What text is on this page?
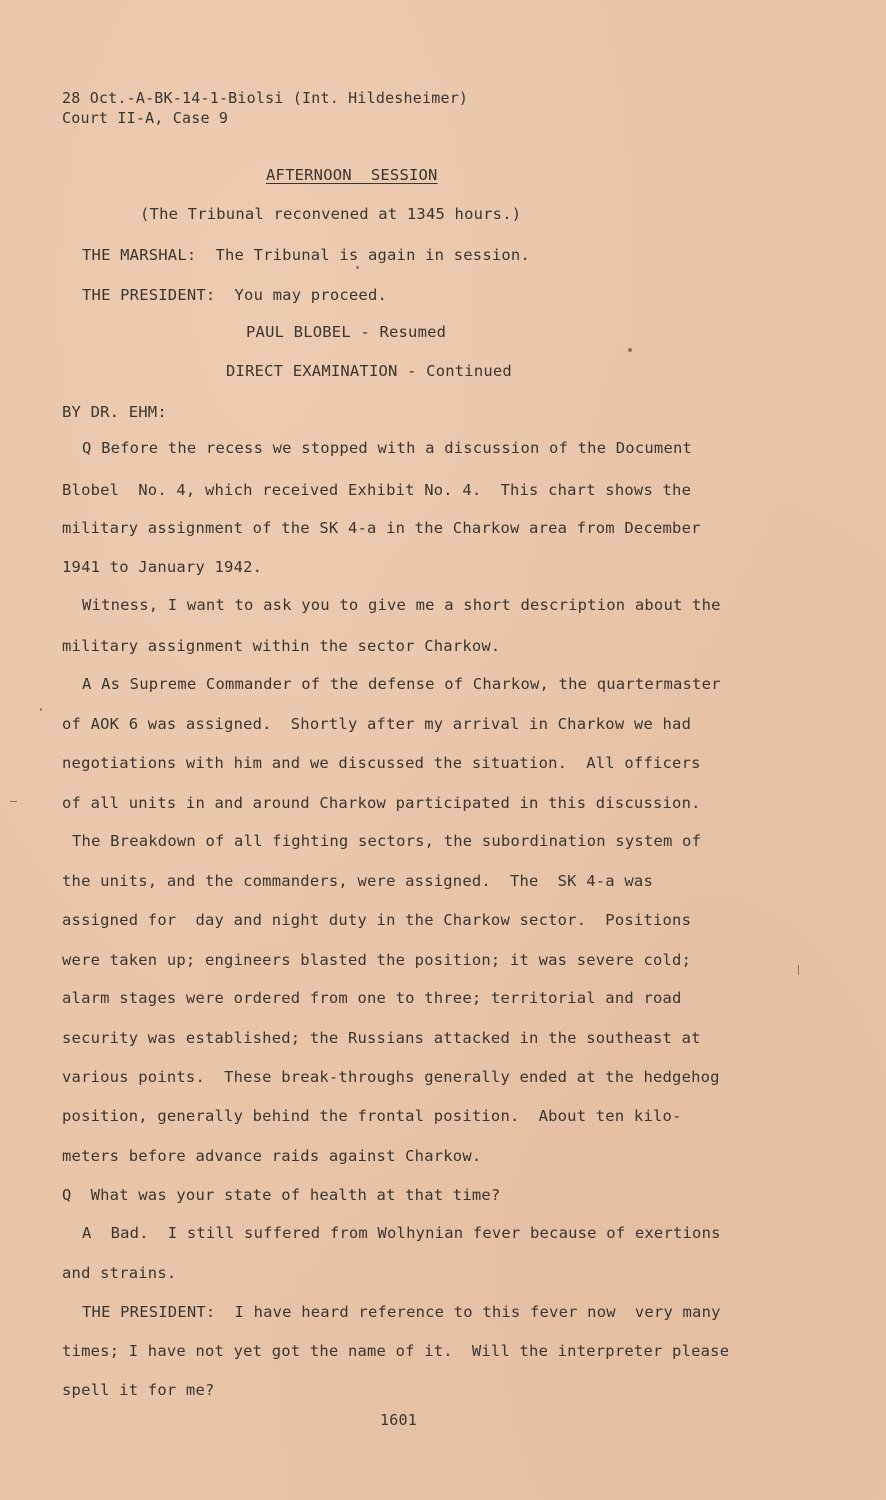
28 Oct.-A-BK-14-1-Biolsi (Int. Hildesheimer)
Court II-A, Case 9
AFTERNOON  SESSION
(The Tribunal reconvened at 1345 hours.)
THE MARSHAL:  The Tribunal is again in session.
THE PRESIDENT:  You may proceed.
PAUL BLOBEL - Resumed
DIRECT EXAMINATION - Continued
BY DR. EHM:
Q Before the recess we stopped with a discussion of the Document
Blobel  No. 4, which received Exhibit No. 4.  This chart shows the
military assignment of the SK 4-a in the Charkow area from December
1941 to January 1942.
Witness, I want to ask you to give me a short description about the
military assignment within the sector Charkow.
A As Supreme Commander of the defense of Charkow, the quartermaster
of AOK 6 was assigned.  Shortly after my arrival in Charkow we had
negotiations with him and we discussed the situation.  All officers
of all units in and around Charkow participated in this discussion.
The Breakdown of all fighting sectors, the subordination system of
the units, and the commanders, were assigned.  The  SK 4-a was
assigned for  day and night duty in the Charkow sector.  Positions
were taken up; engineers blasted the position; it was severe cold;
alarm stages were ordered from one to three; territorial and road
security was established; the Russians attacked in the southeast at
various points.  These break-throughs generally ended at the hedgehog
position, generally behind the frontal position.  About ten kilo-
meters before advance raids against Charkow.
Q  What was your state of health at that time?
A  Bad.  I still suffered from Wolhynian fever because of exertions
and strains.
THE PRESIDENT:  I have heard reference to this fever now  very many
times; I have not yet got the name of it.  Will the interpreter please
spell it for me?
1601
